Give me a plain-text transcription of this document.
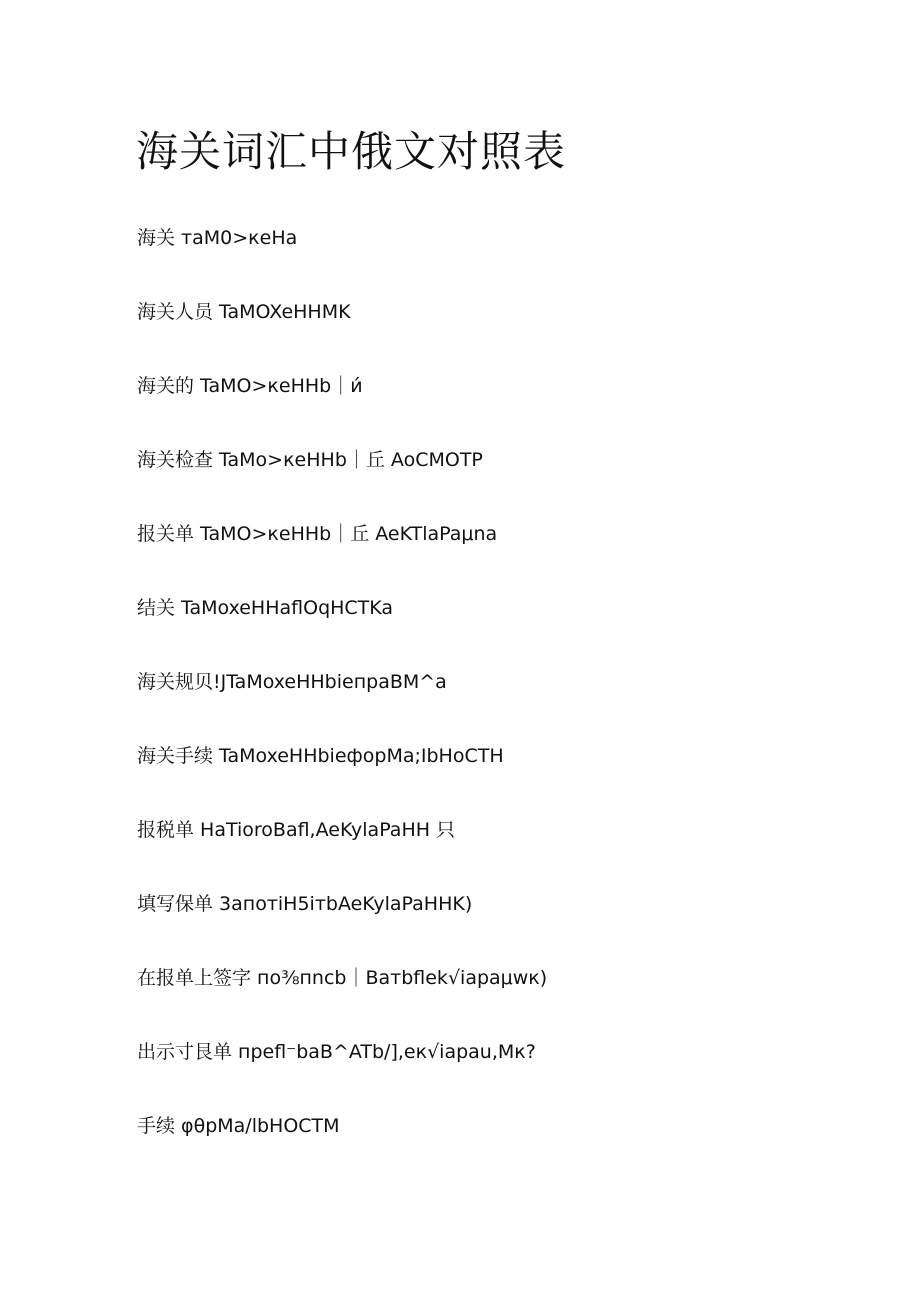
海关词汇中俄文对照表
海关 тaM0>кeHa
海关人员 TaMOXeHHMK
海关的 TaMO>кeHHb｜и́
海关检查 TaMo>кeHHb｜丘 AoCMOTP
报关单 TaMO>кeHHb｜丘 AeKTlaPaμna
结关 TaMoxeHHaflOqHCTKa
海关规贝!JTaMoxeHHbieпpaBM^a
海关手续 TaMoxeHHbieфopMa;IbHoCTH
报税单 HaTioroBafl,AeKylaPaHH 只
填写保单 3aпoтiH5iтbAeKylaPaHHK)
在报单上签字 пo⅜пncb｜Baтbflek√iapaμwк)
出示寸艮单 пpefl⁻baB^ATb∕],eк√iapau,Mк?
手续 φθpMa∕lbHOCTM
